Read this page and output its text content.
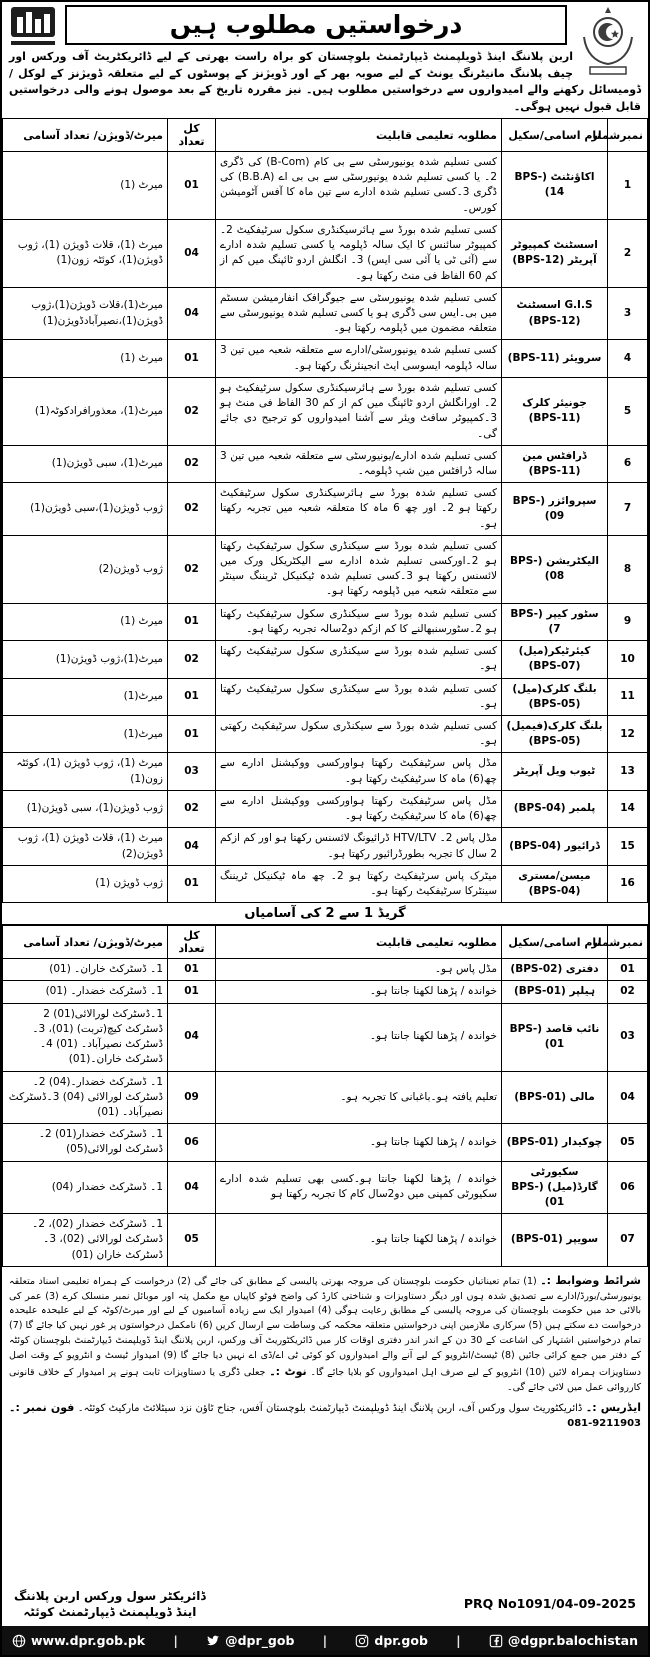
درخواستیں مطلوب ہیں
اربن پلاننگ اینڈ ڈویلپمنٹ ڈیپارٹمنٹ بلوچستان کو براہ راست بھرتی کے لیے ڈائریکٹریٹ آف ورکس اور چیف پلاننگ مانیٹرنگ یونٹ کے لیے صوبہ بھر کے اور ڈویژنز کے پوسٹوں کے لیے متعلقہ ڈویژنز کے لوکل / ڈومیسائل رکھنے والے امیدواروں سے درخواستیں مطلوب ہیں۔ نیز مقررہ تاریخ کے بعد موصول ہونے والی درخواستیں قابل قبول نہیں ہوگی۔
نمبرشمار	نام اسامی/سکیل	مطلوبہ تعلیمی قابلیت	کل تعداد	میرٹ/ڈویژن/ تعداد آسامی
1	اکاؤنٹنٹ (BPS-14)	کسی تسلیم شدہ یونیورسٹی سے بی کام (B-Com) کی ڈگری 2۔ یا کسی تسلیم شدہ یونیورسٹی سے بی بی اے (B.B.A) کی ڈگری 3۔کسی تسلیم شدہ ادارے سے تین ماہ کا آفس آٹومیشن کورس۔	01	میرٹ (1)
2	اسسٹنٹ کمپیوٹر آپریٹر (BPS-12)	کسی تسلیم شدہ بورڈ سے ہائرسیکنڈری سکول سرٹیفکیٹ 2۔کمپیوٹر سائنس کا ایک سالہ ڈپلومہ یا کسی تسلیم شدہ ادارے سے (آئی ٹی یا آئی سی ایس) 3۔ انگلش اردو ٹائپنگ میں کم از کم 60 الفاظ فی منٹ رکھتا ہو۔	04	میرٹ (1)، قلات ڈویژن (1)، ژوب ڈویژن(1)، کوئٹہ زون(1)
3	G.I.S اسسٹنٹ (BPS-12)	کسی تسلیم شدہ یونیورسٹی سے جیوگرافک انفارمیشن سسٹم میں بی۔ایس سی ڈگری ہو یا کسی تسلیم شدہ یونیورسٹی سے متعلقہ مضمون میں ڈپلومہ رکھتا ہو۔	04	میرٹ(1)،قلات ڈویژن(1)،ژوب ڈویژن(1)،نصیرآبادڈویژن(1)
4	سرویئر (BPS-11)	کسی تسلیم شدہ یونیورسٹی/ادارے سے متعلقہ شعبہ میں تین 3 سالہ ڈپلومہ ایسوسی ایٹ انجینئرنگ رکھتا ہو۔	01	میرٹ (1)
5	جونیئر کلرک (BPS-11)	کسی تسلیم شدہ بورڈ سے ہائرسیکنڈری سکول سرٹیفکیٹ ہو 2۔ اورانگلش اردو ٹائپنگ میں کم از کم 30 الفاظ فی منٹ ہو 3۔کمپیوٹر سافٹ ویئر سے آشنا امیدواروں کو ترجیح دی جائے گی۔	02	میرٹ(1)، معذورافرادکوٹہ(1)
6	ڈرافٹس مین (BPS-11)	کسی تسلیم شدہ ادارے/یونیورسٹی سے متعلقہ شعبہ میں تین 3 سالہ ڈرافٹس مین شپ ڈپلومہ۔	02	میرٹ(1)، سبی ڈویژن(1)
7	سپروائزر (BPS-09)	کسی تسلیم شدہ بورڈ سے ہائرسیکنڈری سکول سرٹیفکیٹ رکھتا ہو 2۔ اور چھ 6 ماہ کا متعلقہ شعبہ میں تجربہ رکھتا ہو۔	02	ژوب ڈویژن(1)،سبی ڈویژن(1)
8	الیکٹریشن (BPS-08)	کسی تسلیم شدہ بورڈ سے سیکنڈری سکول سرٹیفکیٹ رکھتا ہو 2۔اورکسی تسلیم شدہ ادارے سے الیکٹریکل ورک میں لائسنس رکھتا ہو 3۔کسی تسلیم شدہ ٹیکنیکل ٹریننگ سینٹر سے متعلقہ شعبہ میں ڈپلومہ رکھتا ہو۔	02	ژوب ڈویژن(2)
9	سٹور کیپر (BPS-7)	کسی تسلیم شدہ بورڈ سے سیکنڈری سکول سرٹیفکیٹ رکھتا ہو 2۔سٹورسنبھالنے کا کم ازکم دو2سالہ تجربہ رکھتا ہو۔	01	میرٹ (1)
10	کیئرٹیکر(میل) (BPS-07)	کسی تسلیم شدہ بورڈ سے سیکنڈری سکول سرٹیفکیٹ رکھتا ہو۔	02	میرٹ(1)،ژوب ڈویژن(1)
11	بلنگ کلرک(میل) (BPS-05)	کسی تسلیم شدہ بورڈ سے سیکنڈری سکول سرٹیفکیٹ رکھتا ہو۔	01	میرٹ(1)
12	بلنگ کلرک(فیمیل) (BPS-05)	کسی تسلیم شدہ بورڈ سے سیکنڈری سکول سرٹیفکیٹ رکھتی ہو۔	01	میرٹ(1)
13	ٹیوب ویل آپریٹر	مڈل پاس سرٹیفکیٹ رکھتا ہواورکسی ووکیشنل ادارے سے چھ(6) ماہ کا سرٹیفکیٹ رکھتا ہو۔	03	میرٹ (1)، ژوب ڈویژن (1)، کوئٹہ زون(1)
14	پلمبر (BPS-04)	مڈل پاس سرٹیفکیٹ رکھتا ہواورکسی ووکیشنل ادارے سے چھ(6) ماہ کا سرٹیفکیٹ رکھتا ہو۔	02	ژوب ڈویژن(1)، سبی ڈویژن(1)
15	ڈرائیور (BPS-04)	مڈل پاس 2۔ HTV/LTV ڈرائیونگ لائسنس رکھتا ہو اور کم ازکم 2 سال کا تجربہ بطورڈرائیور رکھتا ہو۔	04	میرٹ (1)، قلات ڈویژن (1)، ژوب ڈویژن(2)
16	میسن/مستری (BPS-04)	میٹرک پاس سرٹیفکیٹ رکھتا ہو 2۔ چھ ماہ ٹیکنیکل ٹریننگ سینٹرکا سرٹیفکیٹ رکھتا ہو۔	01	ژوب ڈویژن (1)
گریڈ 1 سے 2 کی آسامیاں
نمبرشمار	نام اسامی/سکیل	مطلوبہ تعلیمی قابلیت	کل تعداد	میرٹ/ڈویژن/ تعداد آسامی
01	دفتری (BPS-02)	مڈل پاس ہو۔	01	1۔ ڈسٹرکٹ خاران۔ (01)
02	ہیلپر (BPS-01)	خواندہ / پڑھنا لکھنا جانتا ہو۔	01	1۔ ڈسٹرکٹ خضدار۔ (01)
03	نائب قاصد (BPS-01)	خواندہ / پڑھنا لکھنا جانتا ہو۔	04	1۔ڈسٹرکٹ لورالائی(01) 2 ڈسٹرکٹ کیچ(تربت) (01)، 3۔ڈسٹرکٹ نصیرآباد۔ (01) 4۔ ڈسٹرکٹ خاران۔(01)
04	مالی (BPS-01)	تعلیم یافتہ ہو۔باغبانی کا تجربہ ہو۔	09	1۔ ڈسٹرکٹ خضدار۔(04) 2۔ ڈسٹرکٹ لورالائی (04) 3۔ڈسٹرکٹ نصیرآباد۔ (01)
05	چوکیدار (BPS-01)	خواندہ / پڑھنا لکھنا جانتا ہو۔	06	1۔ ڈسٹرکٹ خضدار(01) 2۔ڈسٹرکٹ لورالائی(05)
06	سکیورٹی گارڈ(میل) (BPS-01)	خواندہ / پڑھنا لکھنا جانتا ہو۔کسی بھی تسلیم شدہ ادارے سکیورٹی کمپنی میں دو2سال کام کا تجربہ رکھتا ہو	04	1۔ ڈسٹرکٹ خضدار (04)
07	سویپر (BPS-01)	خواندہ / پڑھنا لکھنا جانتا ہو۔	05	1۔ ڈسٹرکٹ خضدار (02)، 2۔ڈسٹرکٹ لورالائی (02)، 3۔ ڈسٹرکٹ خاران (01)
شرائط وضوابط :۔ (1) تمام تعیناتیاں حکومت بلوچستان کی مروجہ بھرتی پالیسی کے مطابق کی جائے گی (2) درخواست کے ہمراہ تعلیمی اسناد متعلقہ یونیورسٹی/بورڈ/ادارے سے تصدیق شدہ ہوں اور دیگر دستاویزات و شناختی کارڈ کی واضح فوٹو کاپیاں مع مکمل پتہ اور موبائل نمبر منسلک کرے (3) عمر کی بالائی حد میں حکومت بلوچستان کی مروجہ پالیسی کے مطابق رعایت ہوگی (4) امیدوار ایک سے زیادہ آسامیوں کے لیے اور میرٹ/کوٹہ کے لیے علیحدہ علیحدہ درخواست دے سکتے ہیں (5) سرکاری ملازمین اپنی درخواستیں متعلقہ محکمہ کی وساطت سے ارسال کریں (6) نامکمل درخواستوں پر غور نہیں کیا جائے گا (7) تمام درخواستیں اشتہار کی اشاعت کے 30 دن کے اندر اندر دفتری اوقات کار میں ڈائریکٹوریٹ آف ورکس، اربن پلاننگ اینڈ ڈویلپمنٹ ڈیپارٹمنٹ بلوچستان کوئٹہ کے دفتر میں جمع کرائی جائیں (8) ٹیسٹ/انٹرویو کے لیے آنے والے امیدواروں کو کوئی ٹی اے/ڈی اے نہیں دیا جائے گا (9) امیدوار ٹیسٹ و انٹرویو کے وقت اصل دستاویزات ہمراہ لائیں (10) انٹرویو کے لیے صرف اہل امیدواروں کو بلایا جائے گا۔ نوٹ :۔ جعلی ڈگری یا دستاویزات ثابت ہونے پر امیدوار کے خلاف قانونی کارروائی عمل میں لائی جائے گی۔
ایڈریس :۔ ڈائریکٹوریٹ سول ورکس آف، اربن پلاننگ اینڈ ڈویلپمنٹ ڈیپارٹمنٹ بلوچستان آفس، جناح ٹاؤن نزد سیٹلائٹ مارکیٹ کوئٹہ۔ فون نمبر :۔ 081-9211903
PRQ No1091/04-09-2025
ڈائریکٹر سول ورکس اربن پلاننگ
اینڈ ڈویلپمنٹ ڈیپارٹمنٹ کوئٹہ
www.dpr.gob.pk |	@dpr_gob |	dpr.gob |	@dgpr.balochistan
